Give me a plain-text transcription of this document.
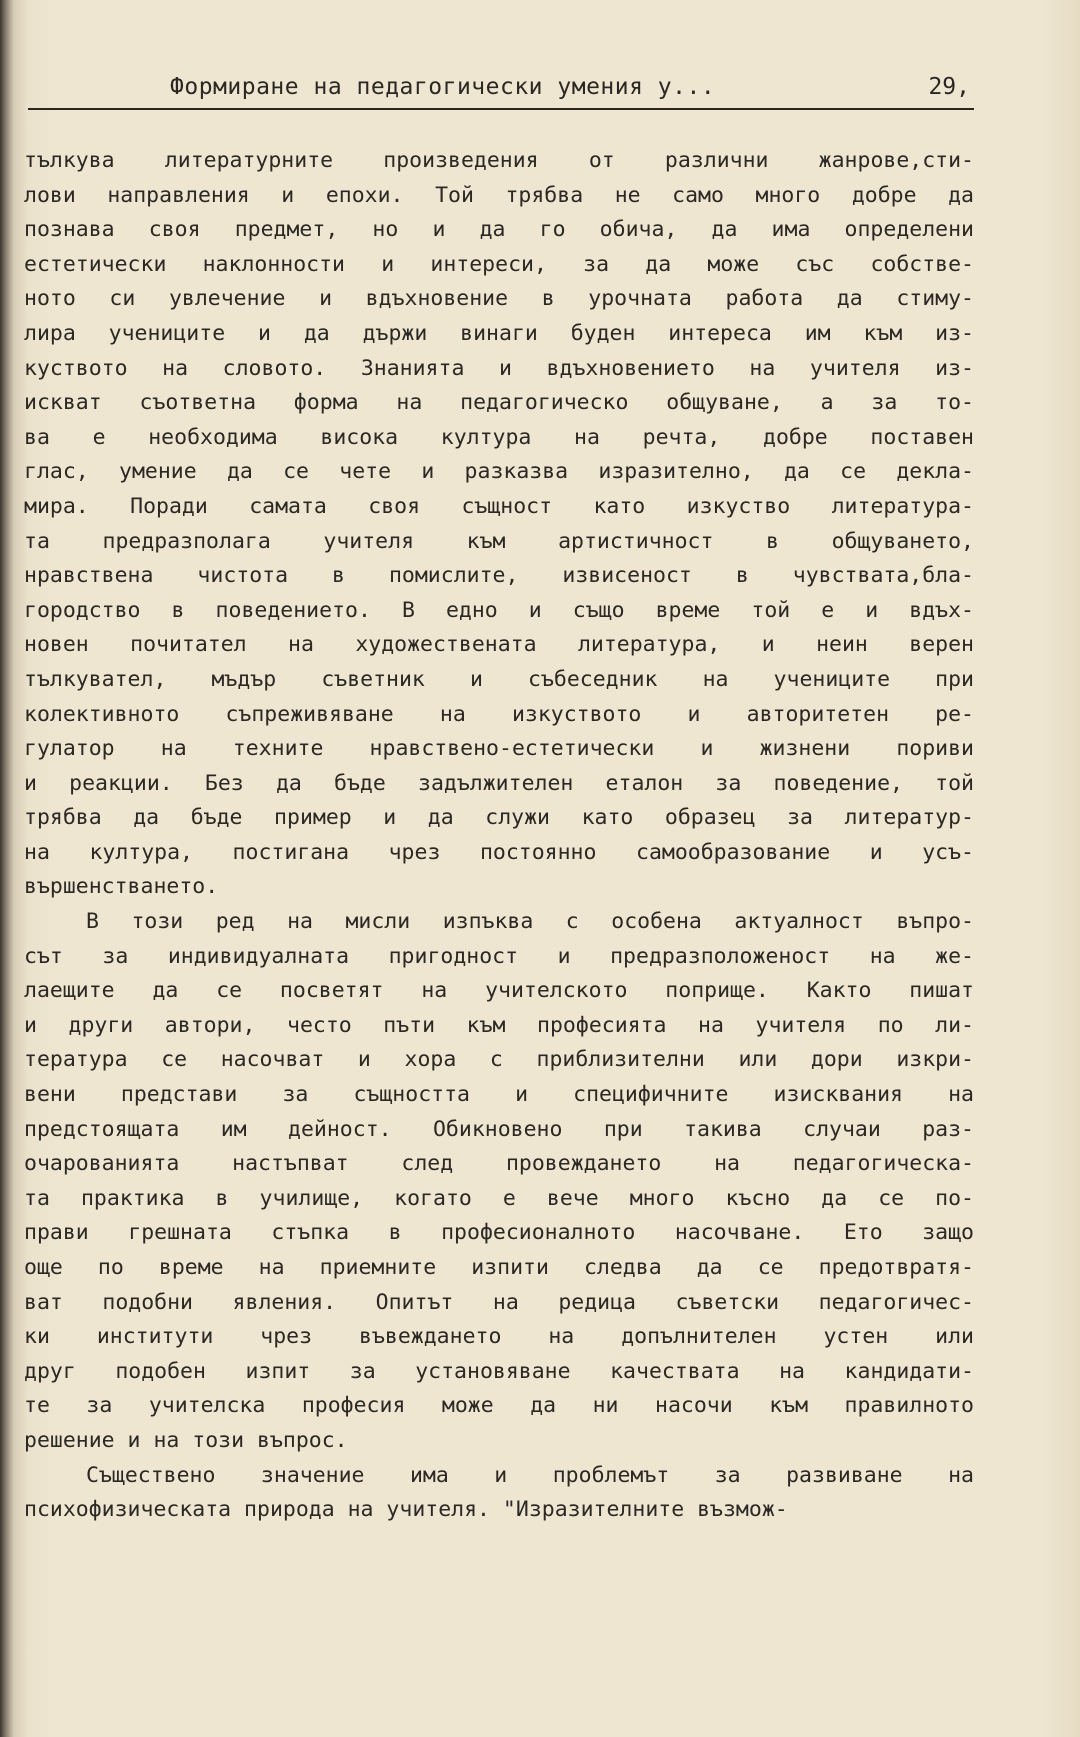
Формиране на педагогически умения у...	29,
тълкува литературните произведения от различни жанрове,сти-
лови направления и епохи. Той трябва не само много добре да
познава своя предмет, но и да го обича, да има определени
естетически наклонности и интереси, за да може със собстве-
ното си увлечение и вдъхновение в урочната работа да стиму-
лира учениците и да държи винаги буден интереса им към из-
куството на словото. Знанията и вдъхновението на учителя из-
искват съответна форма на педагогическо общуване, а за то-
ва е необходима висока култура на речта, добре поставен
глас, умение да се чете и разказва изразително, да се декла-
мира. Поради самата своя същност като изкуство литература-
та предразполага учителя към артистичност в общуването,
нравствена чистота в помислите, извисеност в чувствата,бла-
городство в поведението. В едно и също време той е и вдъх-
новен почитател на художествената литература, и неин верен
тълкувател, мъдър съветник и събеседник на учениците при
колективното съпреживяване на изкуството и авторитетен ре-
гулатор на техните нравствено-естетически и жизнени пориви
и реакции. Без да бъде задължителен еталон за поведение, той
трябва да бъде пример и да служи като образец за литератур-
на култура, постигана чрез постоянно самообразование и усъ-
вършенстването.
В този ред на мисли изпъква с особена актуалност въпро-
сът за индивидуалната пригодност и предразположеност на же-
лаещите да се посветят на учителското поприще. Както пишат
и други автори, често пъти към професията на учителя по ли-
тература се насочват и хора с приблизителни или дори изкри-
вени представи за същността и специфичните изисквания на
предстоящата им дейност. Обикновено при такива случаи раз-
очарованията настъпват след провеждането на педагогическа-
та практика в училище, когато е вече много късно да се по-
прави грешната стъпка в професионалното насочване. Ето защо
още по време на приемните изпити следва да се предотвратя-
ват подобни явления. Опитът на редица съветски педагогичес-
ки институти чрез въвеждането на допълнителен устен или
друг подобен изпит за установяване качествата на кандидати-
те за учителска професия може да ни насочи към правилното
решение и на този въпрос.
Съществено значение има и проблемът за развиване на
психофизическата природа на учителя. "Изразителните възмож-
